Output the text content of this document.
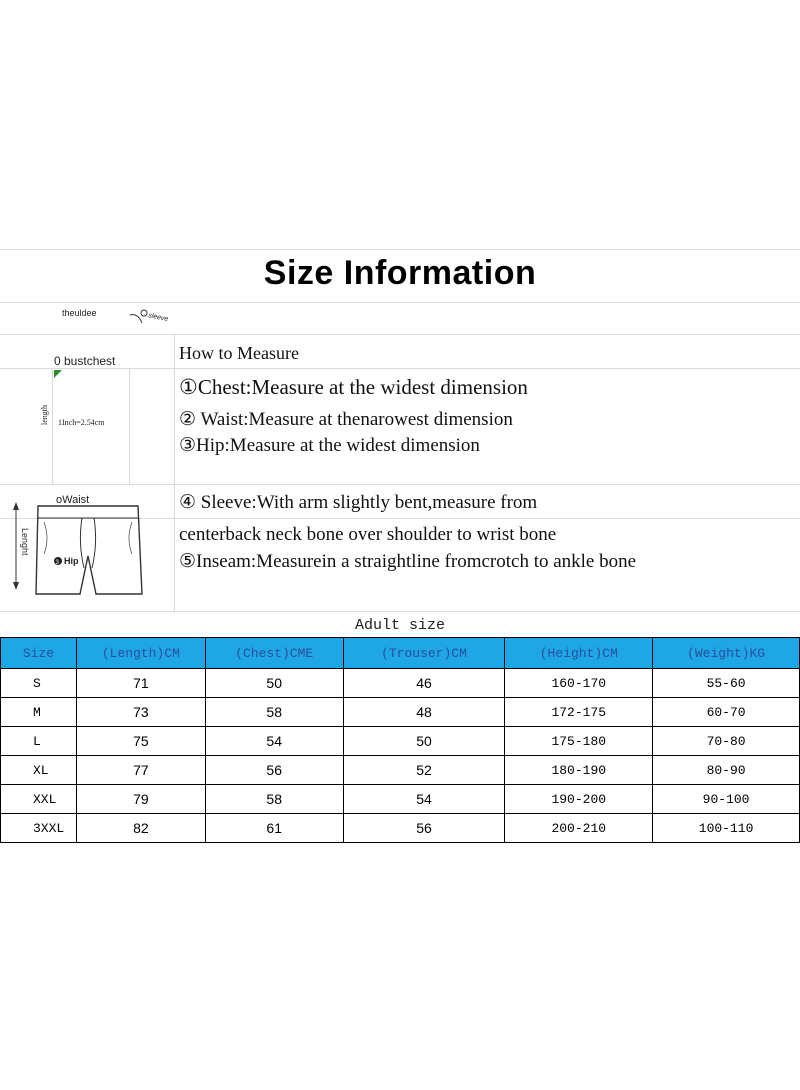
Size Information
theuldee	sleeve
0 bustchest
1Inch=2.54cm
length
oWaist
Lenght
3 Hip
How to Measure
①Chest:Measure at the widest dimension
② Waist:Measure at thenarowest dimension
③Hip:Measure at the widest dimension
④ Sleeve:With arm slightly bent,measure from
centerback neck bone over shoulder to wrist bone
⑤Inseam:Measurein a straightline fromcrotch to ankle bone
Adult size
Size	(Length)CM	(Chest)CME	(Trouser)CM	(Height)CM	(Weight)KG
S	71	50	46	160-170	55-60
M	73	58	48	172-175	60-70
L	75	54	50	175-180	70-80
XL	77	56	52	180-190	80-90
XXL	79	58	54	190-200	90-100
3XXL	82	61	56	200-210	100-110
